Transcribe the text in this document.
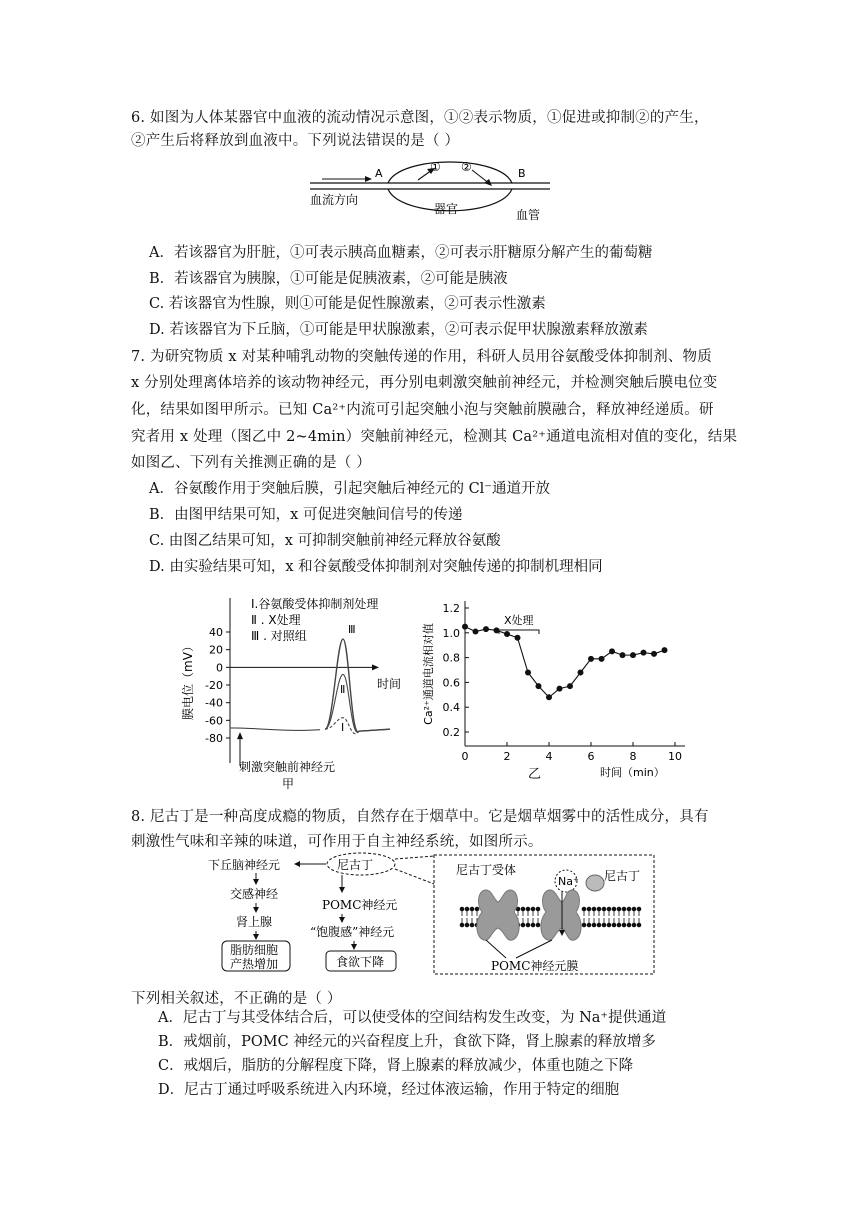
6. 如图为人体某器官中血液的流动情况示意图，①②表示物质，①促进或抑制②的产生，
②产生后将释放到血液中。下列说法错误的是（ ）
A	B
① ②
血流方向
器官	血管
A．若该器官为肝脏，①可表示胰高血糖素，②可表示肝糖原分解产生的葡萄糖
B．若该器官为胰腺，①可能是促胰液素，②可能是胰液
C. 若该器官为性腺，则①可能是促性腺激素，②可表示性激素
D. 若该器官为下丘脑，①可能是甲状腺激素，②可表示促甲状腺激素释放激素
7. 为研究物质 x 对某种哺乳动物的突触传递的作用，科研人员用谷氨酸受体抑制剂、物质
x 分别处理离体培养的该动物神经元，再分别电刺激突触前神经元，并检测突触后膜电位变
化，结果如图甲所示。已知 Ca²⁺内流可引起突触小泡与突触前膜融合，释放神经递质。研
究者用 x 处理（图乙中 2~4min）突触前神经元，检测其 Ca²⁺通道电流相对值的变化，结果
如图乙、下列有关推测正确的是（ ）
A．谷氨酸作用于突触后膜，引起突触后神经元的 Cl⁻通道开放
B．由图甲结果可知，x 可促进突触间信号的传递
C. 由图乙结果可知，x 可抑制突触前神经元释放谷氨酸
D. 由实验结果可知，x 和谷氨酸受体抑制剂对突触传递的抑制机理相同
40
20
0
-20
-40
-60
-80
膜电位（mV）	时间
Ⅰ.谷氨酸受体抑制剂处理
Ⅱ . X处理
Ⅲ . 对照组	Ⅲ
Ⅱ
Ⅰ
刺激突触前神经元
甲
1.2
1.0
0.8
0.6
0.4
0.2
0	2	4	6	8	10
Ca²⁺通道电流相对值
时间（min）
乙
X处理
8. 尼古丁是一种高度成瘾的物质，自然存在于烟草中。它是烟草烟雾中的活性成分，具有
刺激性气味和辛辣的味道，可作用于自主神经系统，如图所示。
下丘脑神经元	尼古丁
交感神经
肾上腺
脂肪细胞
产热增加
POMC神经元
“饱腹感”神经元
食欲下降
尼古丁受体
Na⁺ 尼古丁
POMC神经元膜
下列相关叙述，不正确的是（ ）
A．尼古丁与其受体结合后，可以使受体的空间结构发生改变，为 Na⁺提供通道
B．戒烟前，POMC 神经元的兴奋程度上升，食欲下降，肾上腺素的释放增多
C．戒烟后，脂肪的分解程度下降，肾上腺素的释放减少，体重也随之下降
D．尼古丁通过呼吸系统进入内环境，经过体液运输，作用于特定的细胞
